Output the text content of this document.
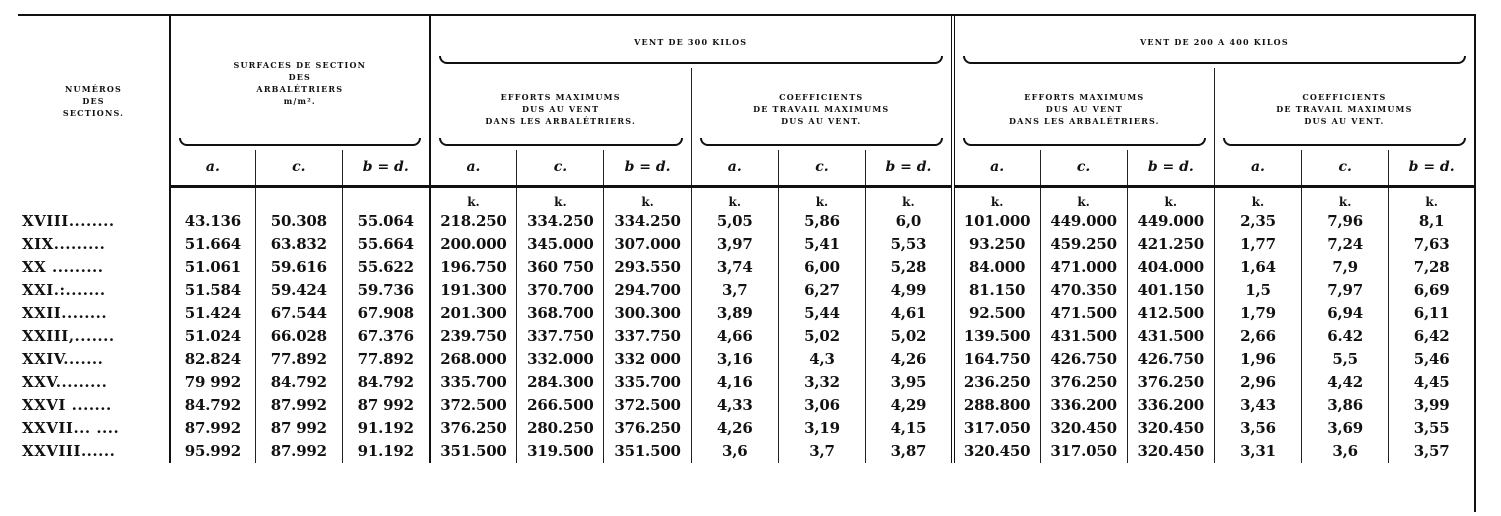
NUMÉROS
DES
SECTIONS.	SURFACES DE SECTION
DES
ARBALÉTRIERS
m/m².			VENT DE 300 KILOS						VENT DE 200 A 400 KILOS					

				EFFORTS MAXIMUMS
DUS AU VENT
DANS LES ARBALÉTRIERS.			COEFFICIENTS
DE TRAVAIL MAXIMUMS
DUS AU VENT.			EFFORTS MAXIMUMS
DUS AU VENT
DANS LES ARBALÉTRIERS.			COEFFICIENTS
DE TRAVAIL MAXIMUMS
DUS AU VENT.		

	a.	c.	b = d.	a.	c.	b = d.	a.	c.	b = d.	a.	c.	b = d.	a.	c.	b = d.
				k.	k.	k.	k.	k.	k.	k.	k.	k.	k.	k.	k.
XVIII........	43.136	50.308	55.064	218.250	334.250	334.250	5,05	5,86	6,0	101.000	449.000	449.000	2,35	7,96	8,1
XIX.........	51.664	63.832	55.664	200.000	345.000	307.000	3,97	5,41	5,53	93.250	459.250	421.250	1,77	7,24	7,63
XX .........	51.061	59.616	55.622	196.750	360 750	293.550	3,74	6,00	5,28	84.000	471.000	404.000	1,64	7,9	7,28
XXI.:.......	51.584	59.424	59.736	191.300	370.700	294.700	3,7	6,27	4,99	81.150	470.350	401.150	1,5	7,97	6,69
XXII........	51.424	67.544	67.908	201.300	368.700	300.300	3,89	5,44	4,61	92.500	471.500	412.500	1,79	6,94	6,11
XXIII,.......	51.024	66.028	67.376	239.750	337.750	337.750	4,66	5,02	5,02	139.500	431.500	431.500	2,66	6.42	6,42
XXIV.......	82.824	77.892	77.892	268.000	332.000	332 000	3,16	4,3	4,26	164.750	426.750	426.750	1,96	5,5	5,46
XXV.........	79 992	84.792	84.792	335.700	284.300	335.700	4,16	3,32	3,95	236.250	376.250	376.250	2,96	4,42	4,45
XXVI .......	84.792	87.992	87 992	372.500	266.500	372.500	4,33	3,06	4,29	288.800	336.200	336.200	3,43	3,86	3,99
XXVII... ....	87.992	87 992	91.192	376.250	280.250	376.250	4,26	3,19	4,15	317.050	320.450	320.450	3,56	3,69	3,55
XXVIII......	95.992	87.992	91.192	351.500	319.500	351.500	3,6	3,7	3,87	320.450	317.050	320.450	3,31	3,6	3,57
